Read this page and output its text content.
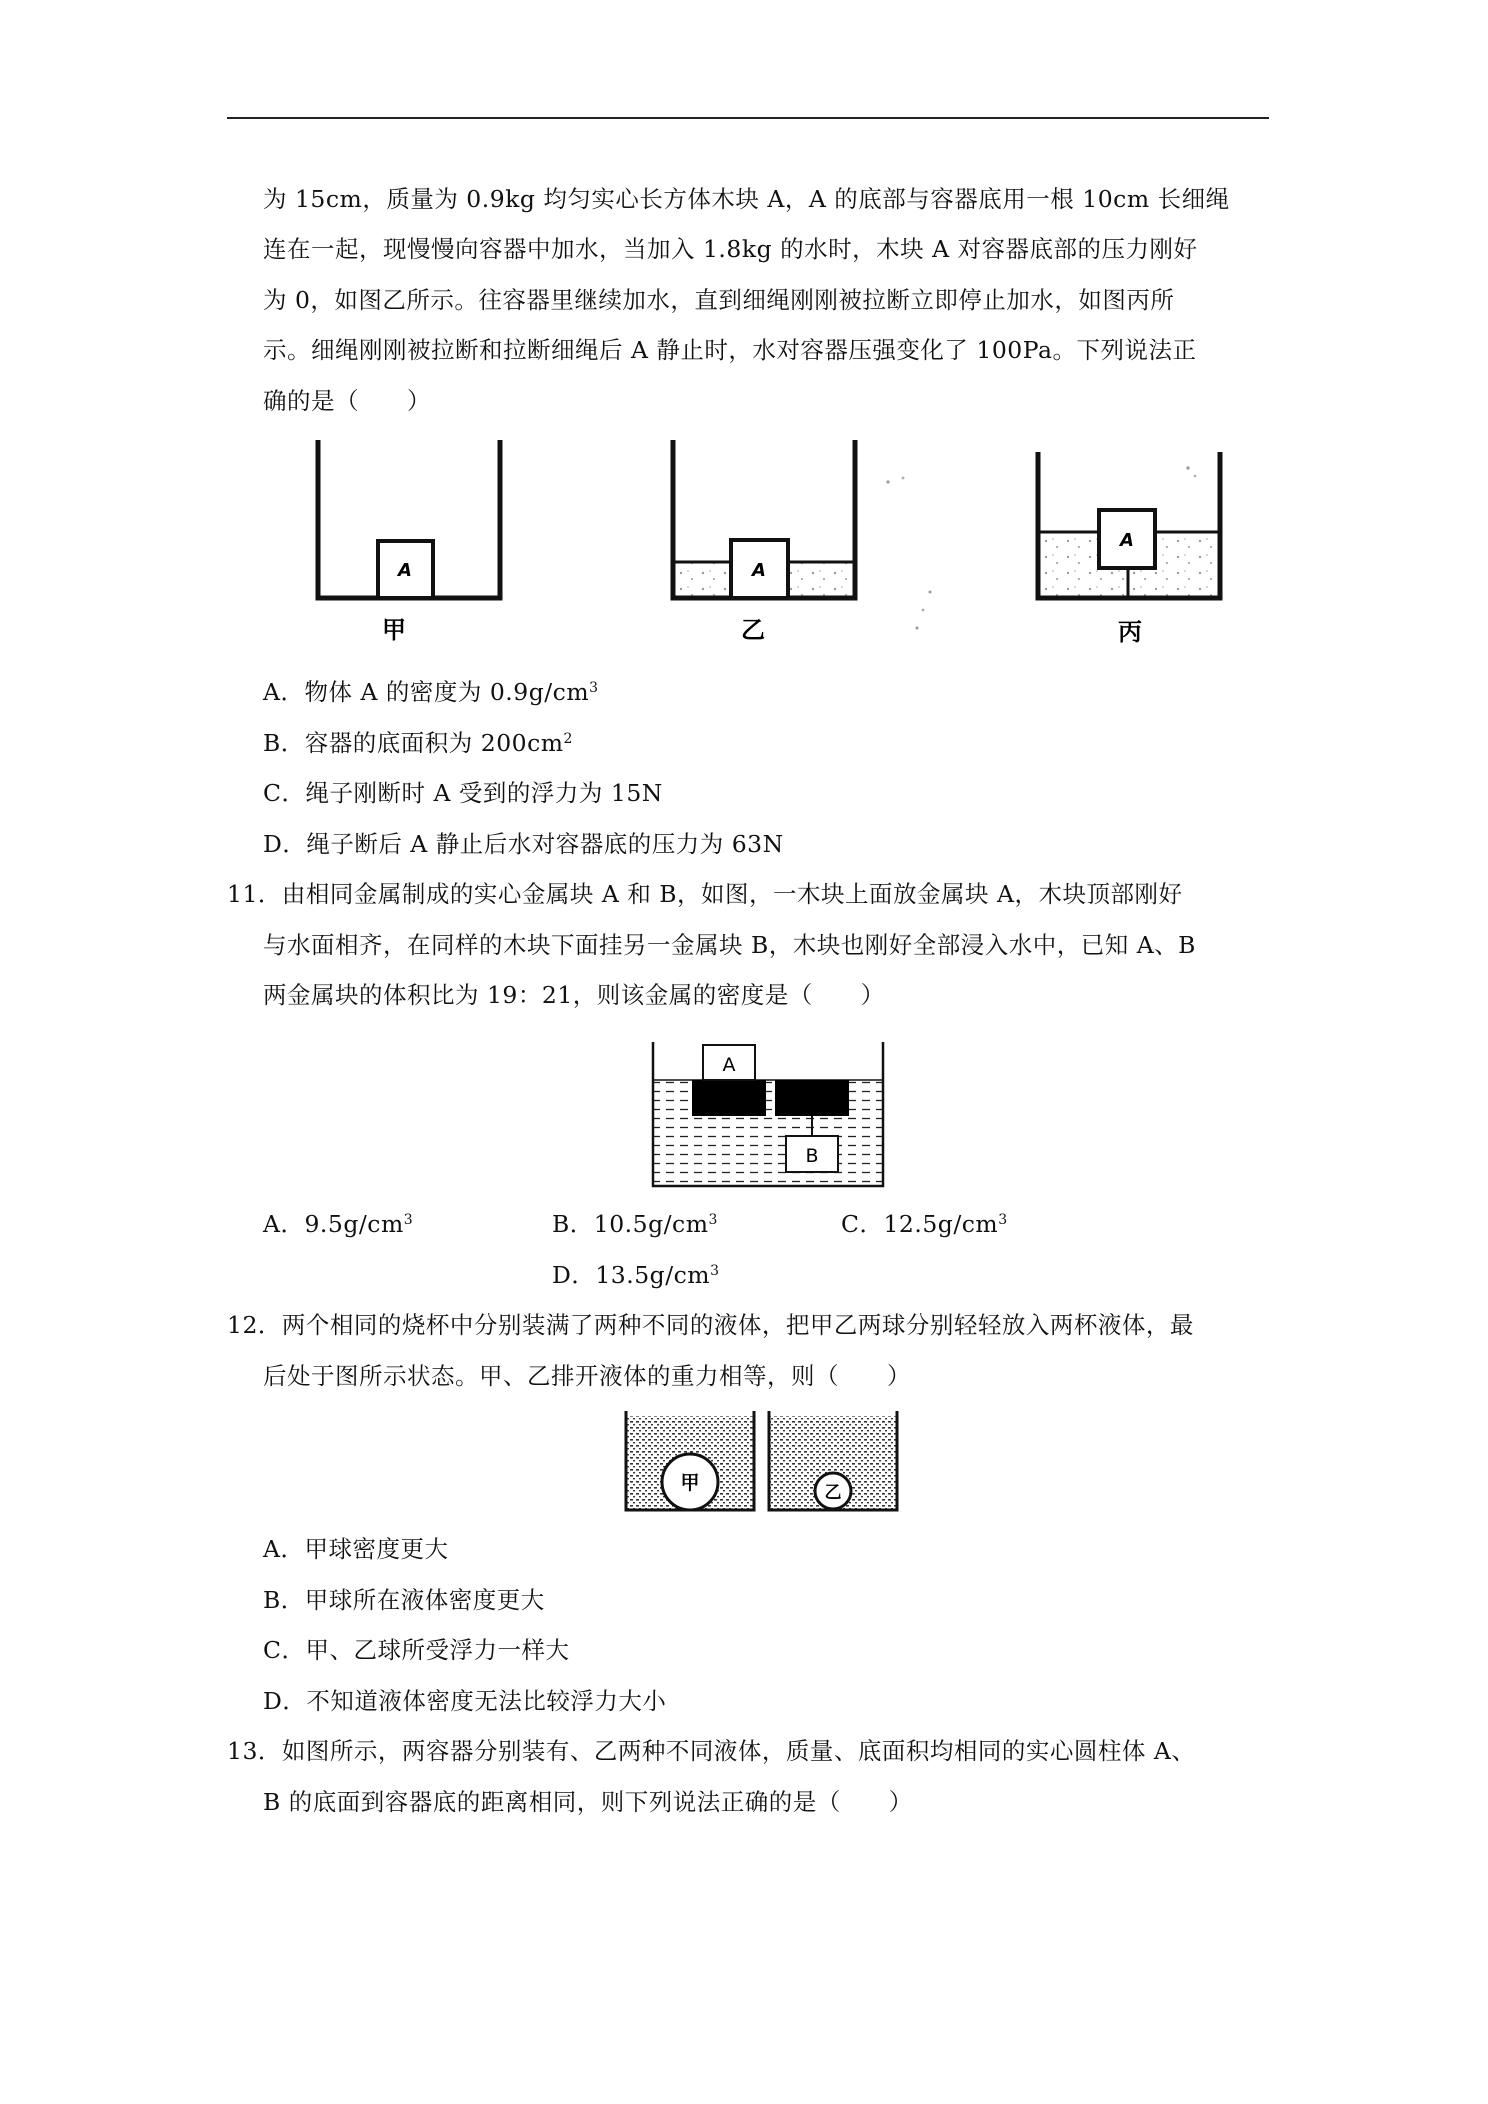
为 15cm，质量为 0.9kg 均匀实心长方体木块 A，A 的底部与容器底用一根 10cm 长细绳
连在一起，现慢慢向容器中加水，当加入 1.8kg 的水时，木块 A 对容器底部的压力刚好
为 0，如图乙所示。往容器里继续加水，直到细绳刚刚被拉断立即停止加水，如图丙所
示。细绳刚刚被拉断和拉断细绳后 A 静止时，水对容器压强变化了 100Pa。下列说法正
确的是（　　）
A
甲
A
乙
A
丙
A．物体 A 的密度为 $0.9g/cm^3$
B．容器的底面积为 $200cm^2$
C．绳子刚断时 A 受到的浮力为 15N
D．绳子断后 A 静止后水对容器底的压力为 63N
11．由相同金属制成的实心金属块 A 和 B，如图，一木块上面放金属块 A，木块顶部刚好
与水面相齐，在同样的木块下面挂另一金属块 B，木块也刚好全部浸入水中，已知 A、B
两金属块的体积比为 19：21，则该金属的密度是（　　）
A
B
A．$9.5g/cm^3$	B．$10.5g/cm^3$	C．$12.5g/cm^3$
D．$13.5g/cm^3$
12．两个相同的烧杯中分别装满了两种不同的液体，把甲乙两球分别轻轻放入两杯液体，最
后处于图所示状态。甲、乙排开液体的重力相等，则（　　）
甲	乙
A．甲球密度更大
B．甲球所在液体密度更大
C．甲、乙球所受浮力一样大
D．不知道液体密度无法比较浮力大小
13．如图所示，两容器分别装有、乙两种不同液体，质量、底面积均相同的实心圆柱体 A、
B 的底面到容器底的距离相同，则下列说法正确的是（　　）
